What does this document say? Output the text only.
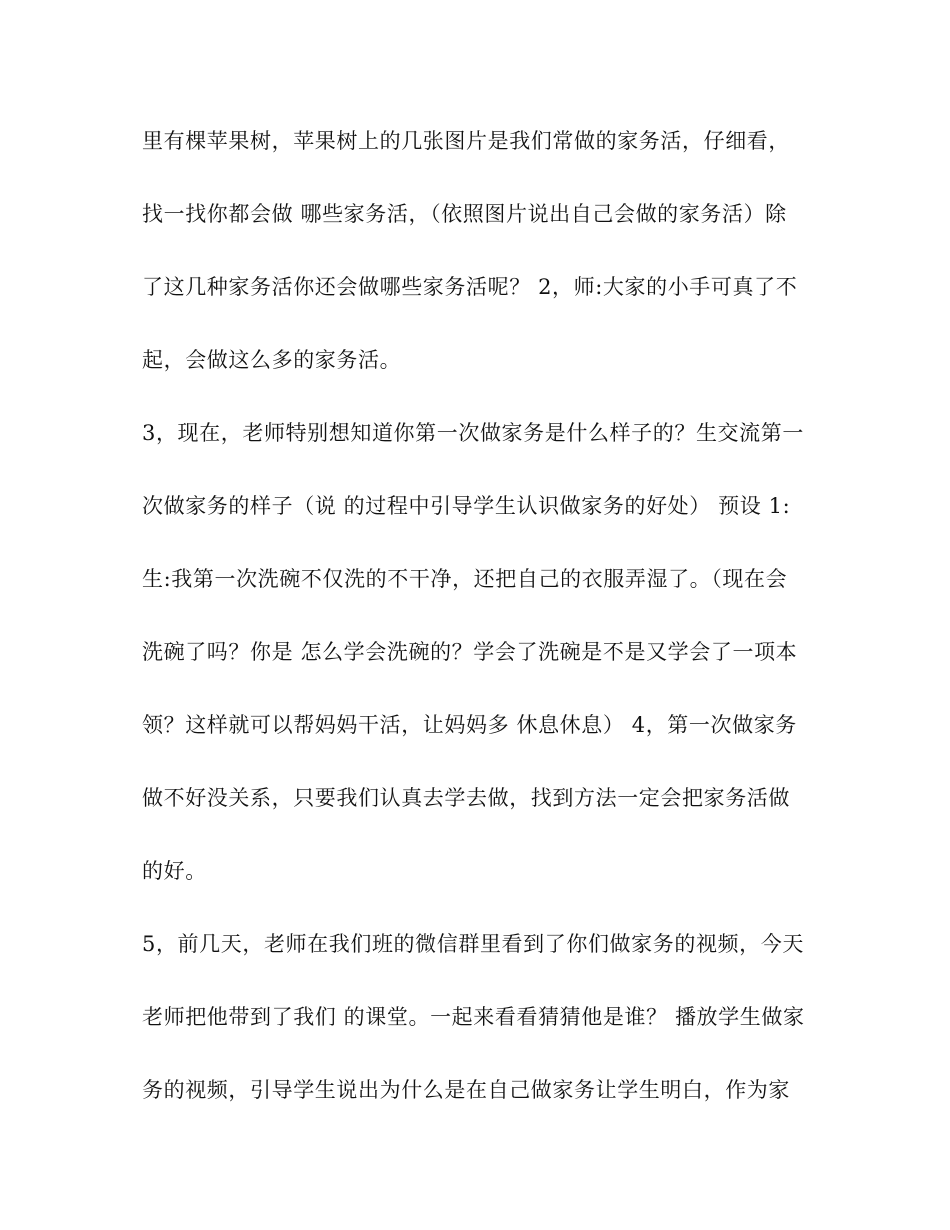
里有棵苹果树，苹果树上的几张图片是我们常做的家务活，仔细看，
找一找你都会做 哪些家务活，（依照图片说出自己会做的家务活）除
了这几种家务活你还会做哪些家务活呢？ 2，师:大家的小手可真了不
起，会做这么多的家务活。
3，现在，老师特别想知道你第一次做家务是什么样子的？生交流第一
次做家务的样子（说 的过程中引导学生认识做家务的好处） 预设 1:
生:我第一次洗碗不仅洗的不干净，还把自己的衣服弄湿了。（现在会
洗碗了吗？你是 怎么学会洗碗的？学会了洗碗是不是又学会了一项本
领？这样就可以帮妈妈干活，让妈妈多 休息休息） 4，第一次做家务
做不好没关系，只要我们认真去学去做，找到方法一定会把家务活做
的好。
5，前几天，老师在我们班的微信群里看到了你们做家务的视频，今天
老师把他带到了我们 的课堂。一起来看看猜猜他是谁？ 播放学生做家
务的视频，引导学生说出为什么是在自己做家务让学生明白，作为家
